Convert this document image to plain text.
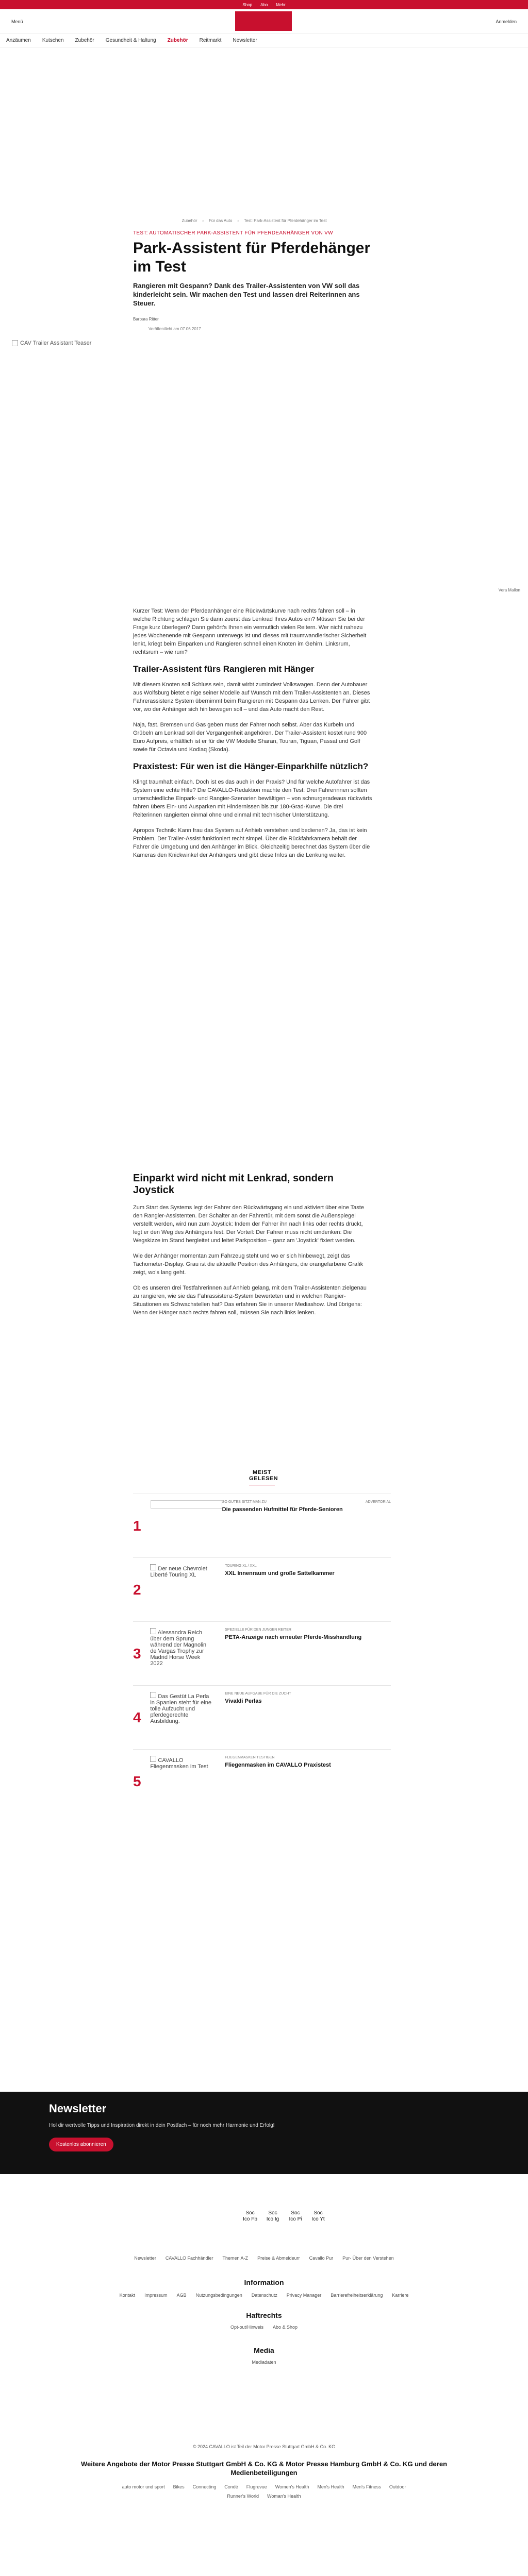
Shop Abo Mehr
Menü	Anmelden
Anzäumen Kutschen Zubehör Gesundheit & Haltung Zubehör Reitmarkt Newsletter
Zubehör › Für das Auto › Test: Park-Assistent für Pferdehänger im Test
TEST: AUTOMATISCHER PARK-ASSISTENT FÜR PFERDEANHÄNGER VON VW
Park-Assistent für Pferdehänger im Test
Rangieren mit Gespann? Dank des Trailer-Assistenten von VW soll das kinderleicht sein. Wir machen den Test und lassen drei Reiterinnen ans Steuer.
Barbara Ritter
Veröffentlicht am 07.06.2017
CAV Trailer Assistant Teaser
Vera Mallon

Kurzer Test: Wenn der Pferdeanhänger eine Rückwärtskurve nach rechts fahren soll – in welche Richtung schlagen Sie dann zuerst das Lenkrad Ihres Autos ein? Müssen Sie bei der Frage kurz überlegen? Dann gehört's Ihnen ein vermutlich vielen Reitern. Wer nicht nahezu jedes Wochenende mit Gespann unterwegs ist und dieses mit traumwandlerischer Sicherheit lenkt, kriegt beim Einparken und Rangieren schnell einen Knoten im Gehirn. Linksrum, rechtsrum – wie rum?

Trailer-Assistent fürs Rangieren mit Hänger

Mit diesem Knoten soll Schluss sein, damit wirbt zumindest Volkswagen. Denn der Autobauer aus Wolfsburg bietet einige seiner Modelle auf Wunsch mit dem Trailer-Assistenten an. Dieses Fahrerassistenz System übernimmt beim Rangieren mit Gespann das Lenken. Der Fahrer gibt vor, wo der Anhänger sich hin bewegen soll – und das Auto macht den Rest.

Naja, fast. Bremsen und Gas geben muss der Fahrer noch selbst. Aber das Kurbeln und Grübeln am Lenkrad soll der Vergangenheit angehören. Der Trailer-Assistent kostet rund 900 Euro Aufpreis, erhältlich ist er für die VW Modelle Sharan, Touran, Tiguan, Passat und Golf sowie für Octavia und Kodiaq (Skoda).

Praxistest: Für wen ist die Hänger-Einparkhilfe nützlich?

Klingt traumhaft einfach. Doch ist es das auch in der Praxis? Und für welche Autofahrer ist das System eine echte Hilfe? Die CAVALLO-Redaktion machte den Test: Drei Fahrerinnen sollten unterschiedliche Einpark- und Rangier-Szenarien bewältigen – von schnurgeradeaus rückwärts fahren übers Ein- und Ausparken mit Hindernissen bis zur 180-Grad-Kurve. Die drei Reiterinnen rangierten einmal ohne und einmal mit technischer Unterstützung.

Apropos Technik: Kann frau das System auf Anhieb verstehen und bedienen? Ja, das ist kein Problem. Der Trailer-Assist funktioniert recht simpel. Über die Rückfahrkamera behält der Fahrer die Umgebung und den Anhänger im Blick. Gleichzeitig berechnet das System über die Kameras den Knickwinkel der Anhängers und gibt diese Infos an die Lenkung weiter.

Einparkt wird nicht mit Lenkrad, sondern Joystick

Zum Start des Systems legt der Fahrer den Rückwärtsgang ein und aktiviert über eine Taste den Rangier-Assistenten. Der Schalter an der Fahrertür, mit dem sonst die Außenspiegel verstellt werden, wird nun zum Joystick: Indem der Fahrer ihn nach links oder rechts drückt, legt er den Weg des Anhängers fest. Der Vorteil: Der Fahrer muss nicht umdenken: Die Wegskizze im Stand hergleitet und leitet Parkposition – ganz am 'Joystick' fixiert werden.

Wie der Anhänger momentan zum Fahrzeug steht und wo er sich hinbewegt, zeigt das Tachometer-Display. Grau ist die aktuelle Position des Anhängers, die orangefarbene Grafik zeigt, wo's lang geht.

Ob es unseren drei Testfahrerinnen auf Anhieb gelang, mit dem Trailer-Assistenten zielgenau zu rangieren, wie sie das Fahrassistenz-System bewerteten und in welchen Rangier-Situationen es Schwachstellen hat? Das erfahren Sie in unserer Mediashow. Und übrigens: Wenn der Hänger nach rechts fahren soll, müssen Sie nach links lenken.

MEIST GELESEN
1
SO GUTES SITZT MAN ZU	ADVERTORIAL
Die passenden Hufmittel für Pferde-Senioren
2
Der neue Chevrolet Liberté Touring XL
TOURING XL / XXL
XXL Innenraum und große Sattelkammer
3
Alessandra Reich über dem Sprung während der Magnolin de Vargas Trophy zur Madrid Horse Week 2022
SPEZIELLE FÜR DEN JUNGEN REITER
PETA-Anzeige nach erneuter Pferde-Misshandlung
4
Das Gestüt La Perla in Spanien steht für eine tolle Aufzucht und pferdegerechte Ausbildung.
EINE NEUE AUFGABE FÜR DIE ZUCHT
Vivaldi Perlas
5
CAVALLO Fliegenmasken im Test
FLIEGENMASKEN TESTIGEN
Fliegenmasken im CAVALLO Praxistest
Newsletter

Hol dir wertvolle Tipps und Inspiration direkt in dein Postfach – für noch mehr Harmonie und Erfolg!

Kostenlos abonnieren
Soc Ico Fb
Soc Ico Ig
Soc Ico Pi
Soc Ico Yt
Newsletter CAVALLO Fachhändler Themen A-Z Preise & Abmeldeurr Cavallo Pur Pur- Über den Verstehen
Information
Kontakt Impressum AGB Nutzungsbedingungen Datenschutz Privacy Manager Barrierefreiheitserklärung Karriere
Haftrechts
Opt-out/Hinweis Abo & Shop
Media
Mediadaten
© 2024 CAVALLO ist Teil der Motor Presse Stuttgart GmbH & Co. KG
Weitere Angebote der Motor Presse Stuttgart GmbH & Co. KG & Motor Presse Hamburg GmbH & Co. KG und deren Medienbeteiligungen
auto motor und sport Bikes Connecting Condé Flugrevue Women's Health Men's Health Men's Fitness Outdoor
Runner's World Woman's Health
